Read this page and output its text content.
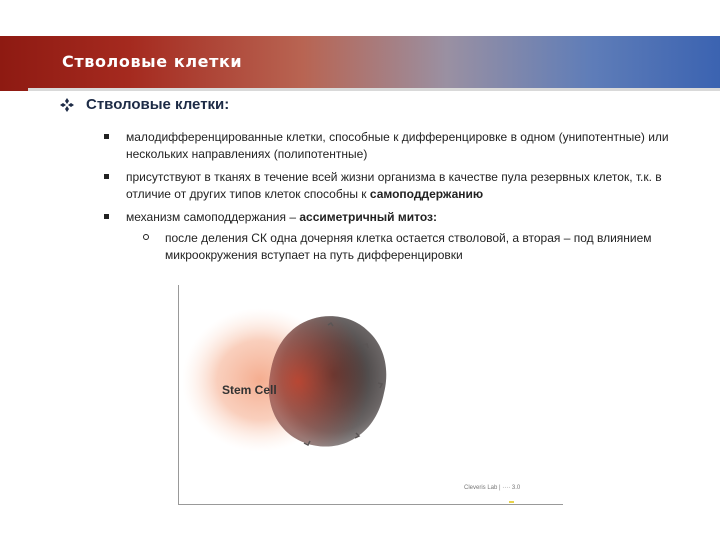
Стволовые клетки
Стволовые клетки:
малодифференцированные клетки, способные к дифференцировке в одном (унипотентные) или нескольких направлениях (полипотентные)
присутствуют в тканях в течение всей жизни организма в качестве пула резервных клеток, т.к. в отличие от других типов клеток способны к самоподдержанию
механизм самоподдержания – ассиметричный митоз:
после деления СК одна дочерняя клетка остается стволовой, а вторая – под влиянием микроокружения вступает на путь дифференцировки
Stem Cell
Cleveris Lab | ···· 3.0
